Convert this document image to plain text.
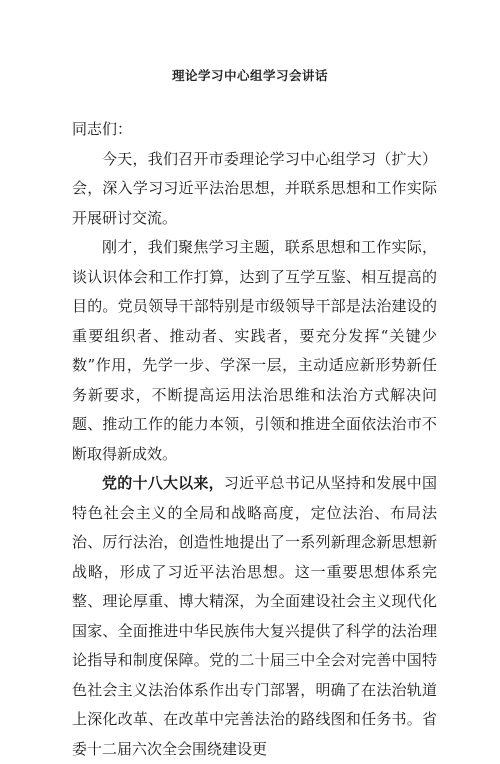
理论学习中心组学习会讲话

同志们：

今天，我们召开市委理论学习中心组学习（扩大）会，深入学习习近平法治思想，并联系思想和工作实际开展研讨交流。

刚才，我们聚焦学习主题，联系思想和工作实际，谈认识体会和工作打算，达到了互学互鉴、相互提高的目的。党员领导干部特别是市级领导干部是法治建设的重要组织者、推动者、实践者，要充分发挥“关键少数”作用，先学一步、学深一层，主动适应新形势新任务新要求，不断提高运用法治思维和法治方式解决问题、推动工作的能力本领，引领和推进全面依法治市不断取得新成效。

党的十八大以来，习近平总书记从坚持和发展中国特色社会主义的全局和战略高度，定位法治、布局法治、厉行法治，创造性地提出了一系列新理念新思想新战略，形成了习近平法治思想。这一重要思想体系完整、理论厚重、博大精深，为全面建设社会主义现代化国家、全面推进中华民族伟大复兴提供了科学的法治理论指导和制度保障。党的二十届三中全会对完善中国特色社会主义法治体系作出专门部署，明确了在法治轨道上深化改革、在改革中完善法治的路线图和任务书。省委十二届六次全会围绕建设更
